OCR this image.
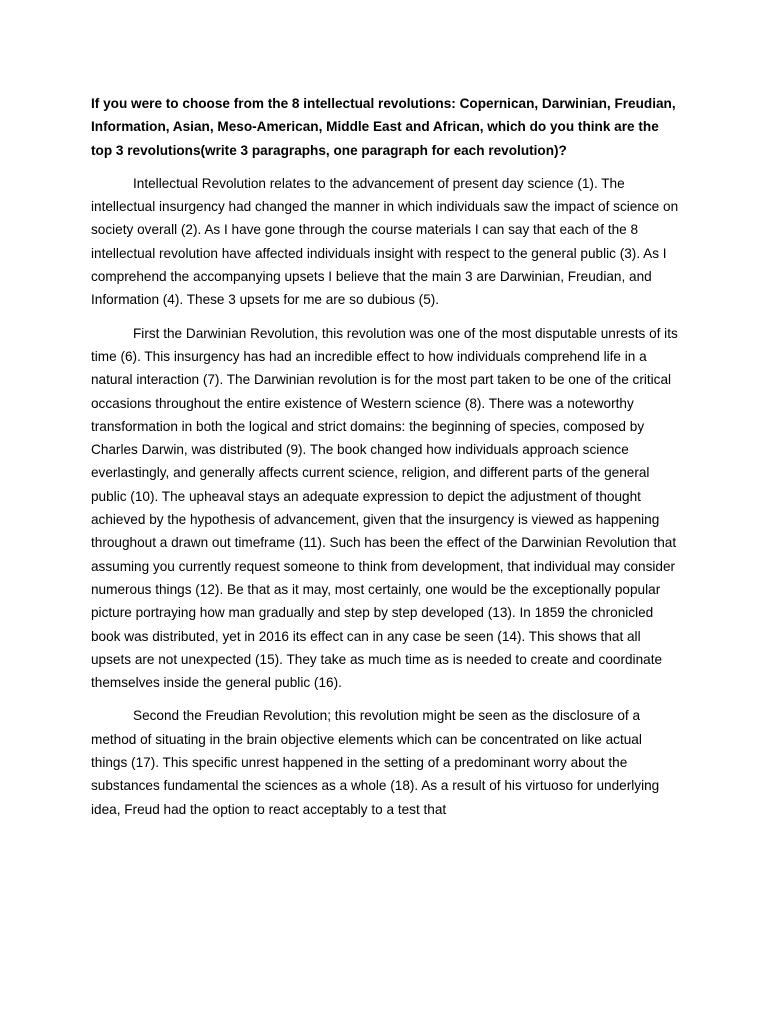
If you were to choose from the 8 intellectual revolutions: Copernican, Darwinian, Freudian, Information, Asian, Meso-American, Middle East and African, which do you think are the top 3 revolutions(write 3 paragraphs, one paragraph for each revolution)?

Intellectual Revolution relates to the advancement of present day science (1). The intellectual insurgency had changed the manner in which individuals saw the impact of science on society overall (2). As I have gone through the course materials I can say that each of the 8 intellectual revolution have affected individuals insight with respect to the general public (3). As I comprehend the accompanying upsets I believe that the main 3 are Darwinian, Freudian, and Information (4). These 3 upsets for me are so dubious (5).

First the Darwinian Revolution, this revolution was one of the most disputable unrests of its time (6). This insurgency has had an incredible effect to how individuals comprehend life in a natural interaction (7). The Darwinian revolution is for the most part taken to be one of the critical occasions throughout the entire existence of Western science (8). There was a noteworthy transformation in both the logical and strict domains: the beginning of species, composed by Charles Darwin, was distributed (9). The book changed how individuals approach science everlastingly, and generally affects current science, religion, and different parts of the general public (10). The upheaval stays an adequate expression to depict the adjustment of thought achieved by the hypothesis of advancement, given that the insurgency is viewed as happening throughout a drawn out timeframe (11). Such has been the effect of the Darwinian Revolution that assuming you currently request someone to think from development, that individual may consider numerous things (12). Be that as it may, most certainly, one would be the exceptionally popular picture portraying how man gradually and step by step developed (13). In 1859 the chronicled book was distributed, yet in 2016 its effect can in any case be seen (14). This shows that all upsets are not unexpected (15). They take as much time as is needed to create and coordinate themselves inside the general public (16).

Second the Freudian Revolution; this revolution might be seen as the disclosure of a method of situating in the brain objective elements which can be concentrated on like actual things (17). This specific unrest happened in the setting of a predominant worry about the substances fundamental the sciences as a whole (18). As a result of his virtuoso for underlying idea, Freud had the option to react acceptably to a test that
